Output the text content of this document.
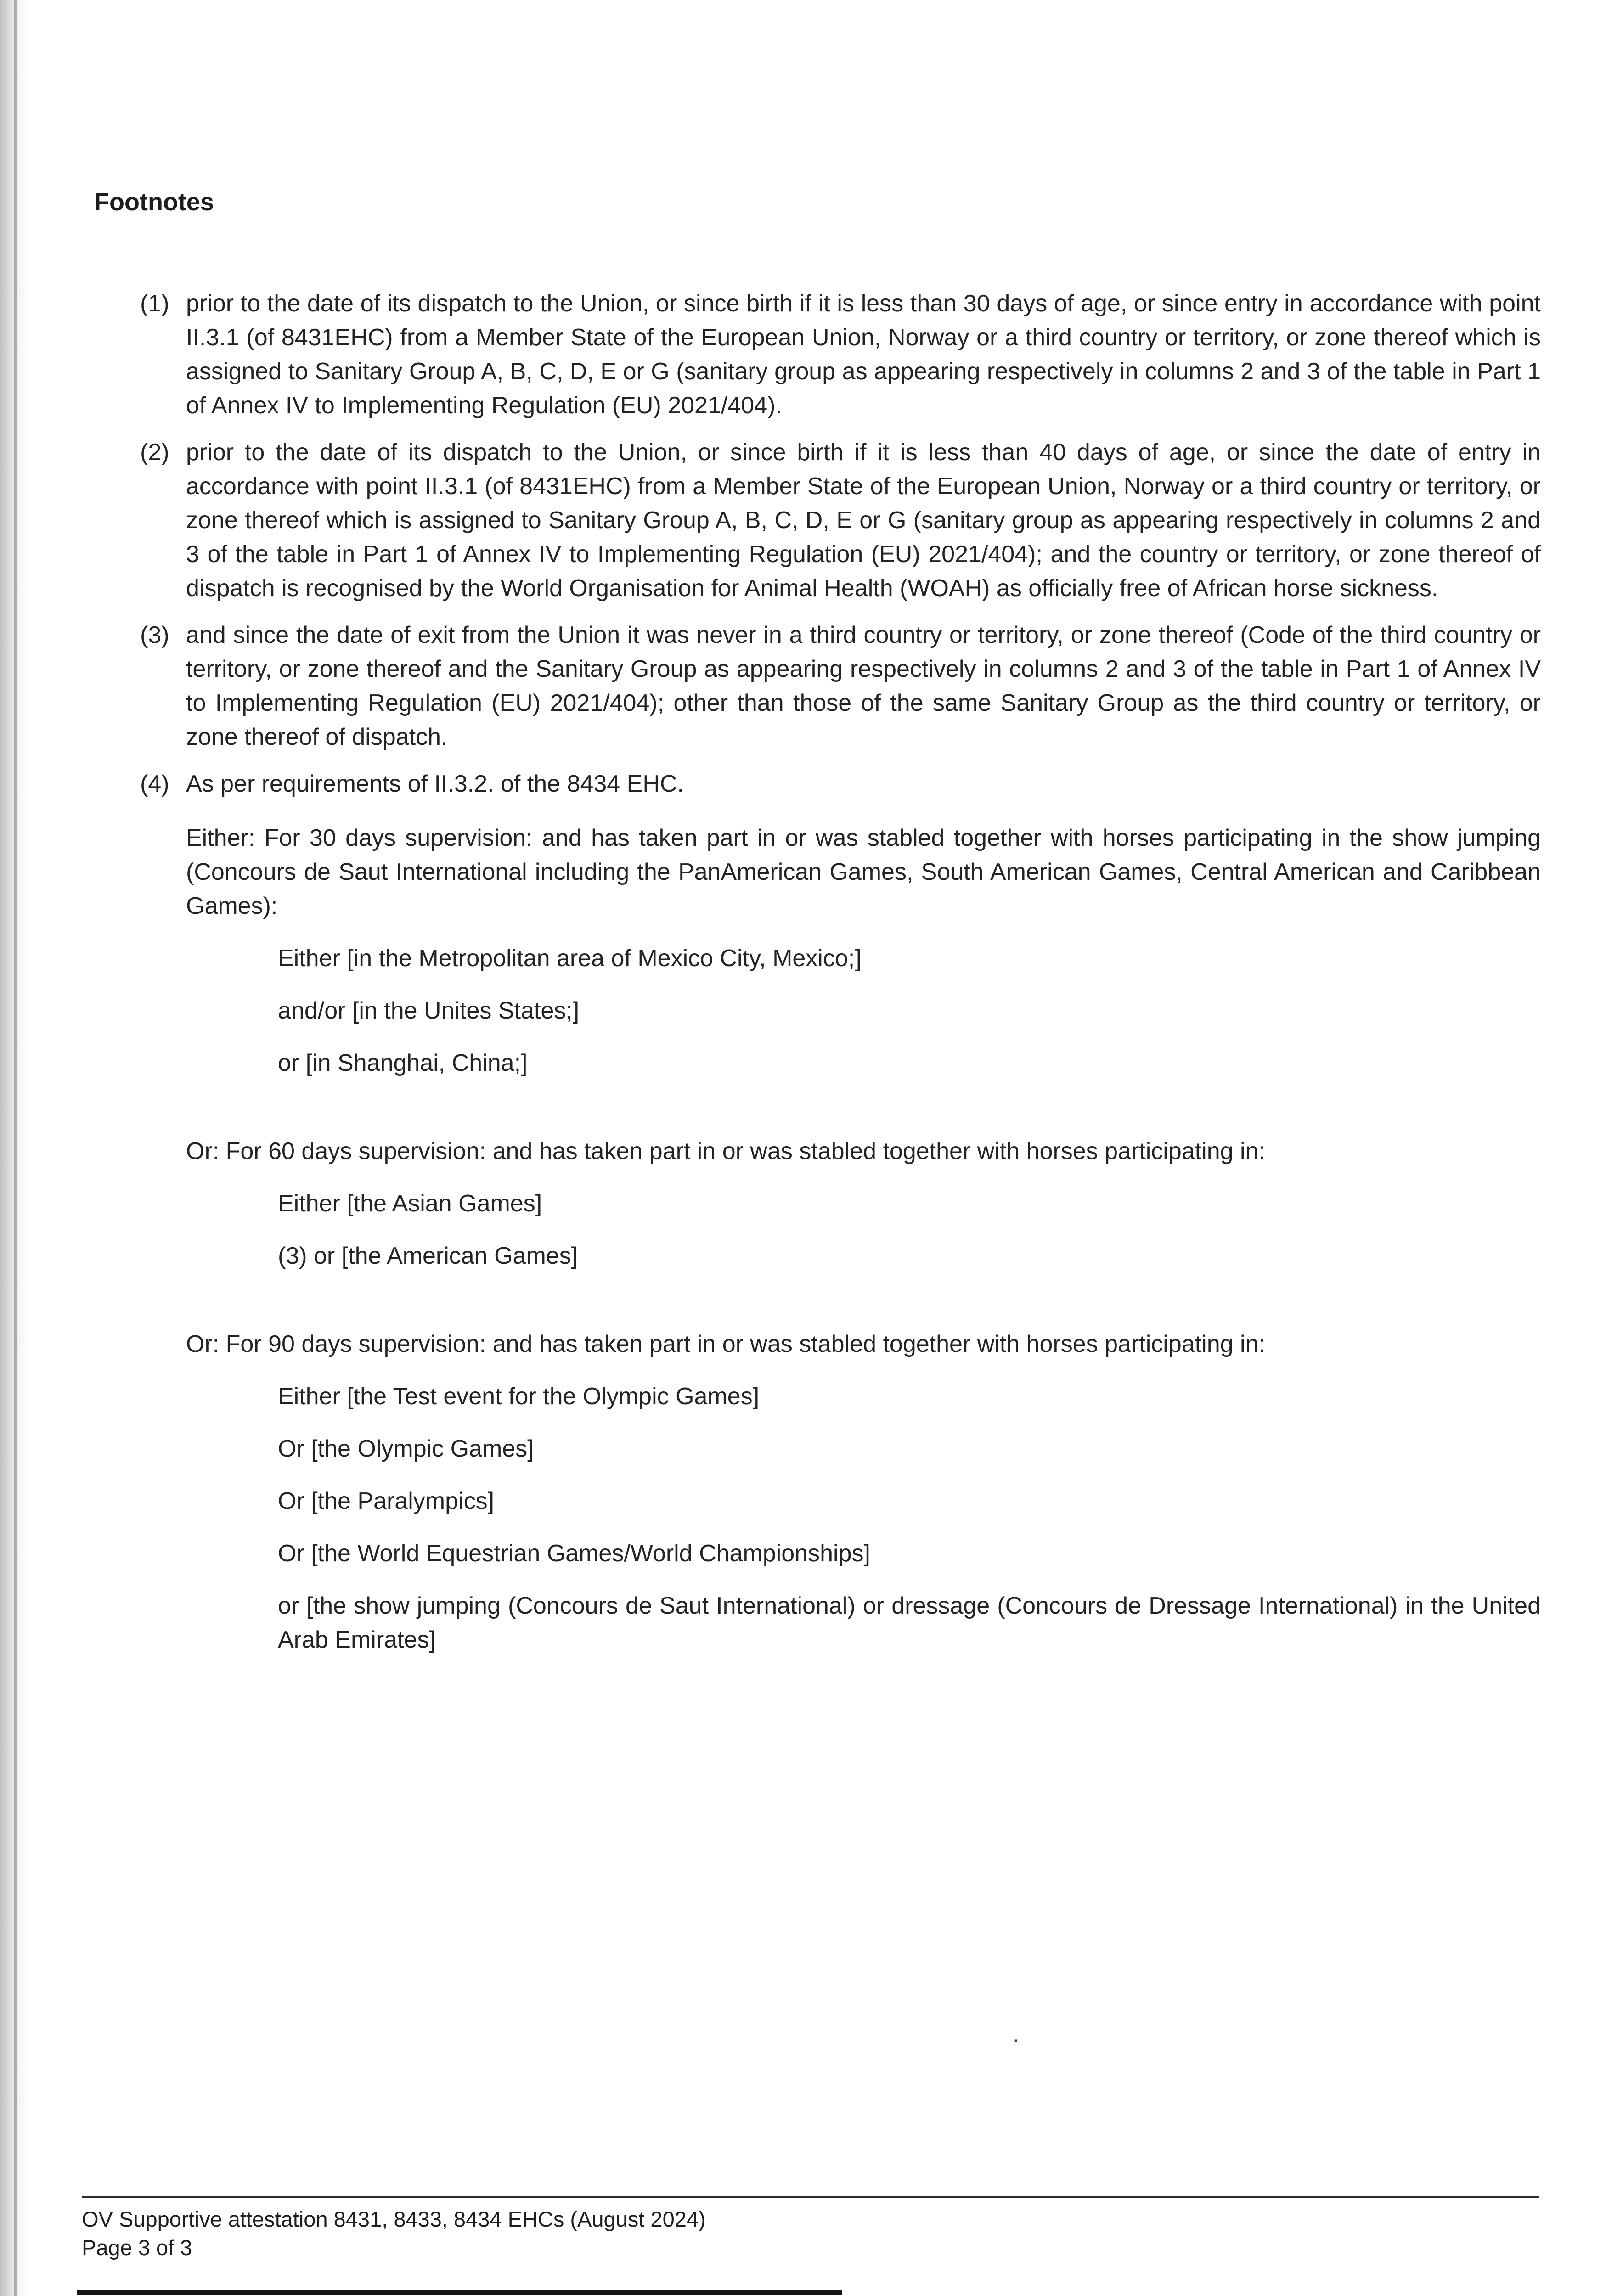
Footnotes
(1) prior to the date of its dispatch to the Union, or since birth if it is less than 30 days of age, or since entry in accordance with point II.3.1 (of 8431EHC) from a Member State of the European Union, Norway or a third country or territory, or zone thereof which is assigned to Sanitary Group A, B, C, D, E or G (sanitary group as appearing respectively in columns 2 and 3 of the table in Part 1 of Annex IV to Implementing Regulation (EU) 2021/404).
(2) prior to the date of its dispatch to the Union, or since birth if it is less than 40 days of age, or since the date of entry in accordance with point II.3.1 (of 8431EHC) from a Member State of the European Union, Norway or a third country or territory, or zone thereof which is assigned to Sanitary Group A, B, C, D, E or G (sanitary group as appearing respectively in columns 2 and 3 of the table in Part 1 of Annex IV to Implementing Regulation (EU) 2021/404); and the country or territory, or zone thereof of dispatch is recognised by the World Organisation for Animal Health (WOAH) as officially free of African horse sickness.
(3) and since the date of exit from the Union it was never in a third country or territory, or zone thereof (Code of the third country or territory, or zone thereof and the Sanitary Group as appearing respectively in columns 2 and 3 of the table in Part 1 of Annex IV to Implementing Regulation (EU) 2021/404); other than those of the same Sanitary Group as the third country or territory, or zone thereof of dispatch.
(4) As per requirements of II.3.2. of the 8434 EHC.

Either: For 30 days supervision: and has taken part in or was stabled together with horses participating in the show jumping (Concours de Saut International including the PanAmerican Games, South American Games, Central American and Caribbean Games):

Either [in the Metropolitan area of Mexico City, Mexico;]

and/or [in the Unites States;]

or [in Shanghai, China;]

Or: For 60 days supervision: and has taken part in or was stabled together with horses participating in:

Either [the Asian Games]

(3) or [the American Games]

Or: For 90 days supervision: and has taken part in or was stabled together with horses participating in:

Either [the Test event for the Olympic Games]

Or [the Olympic Games]

Or [the Paralympics]

Or [the World Equestrian Games/World Championships]

or [the show jumping (Concours de Saut International) or dressage (Concours de Dressage International) in the United Arab Emirates]

.
OV Supportive attestation 8431, 8433, 8434 EHCs (August 2024)
Page 3 of 3
